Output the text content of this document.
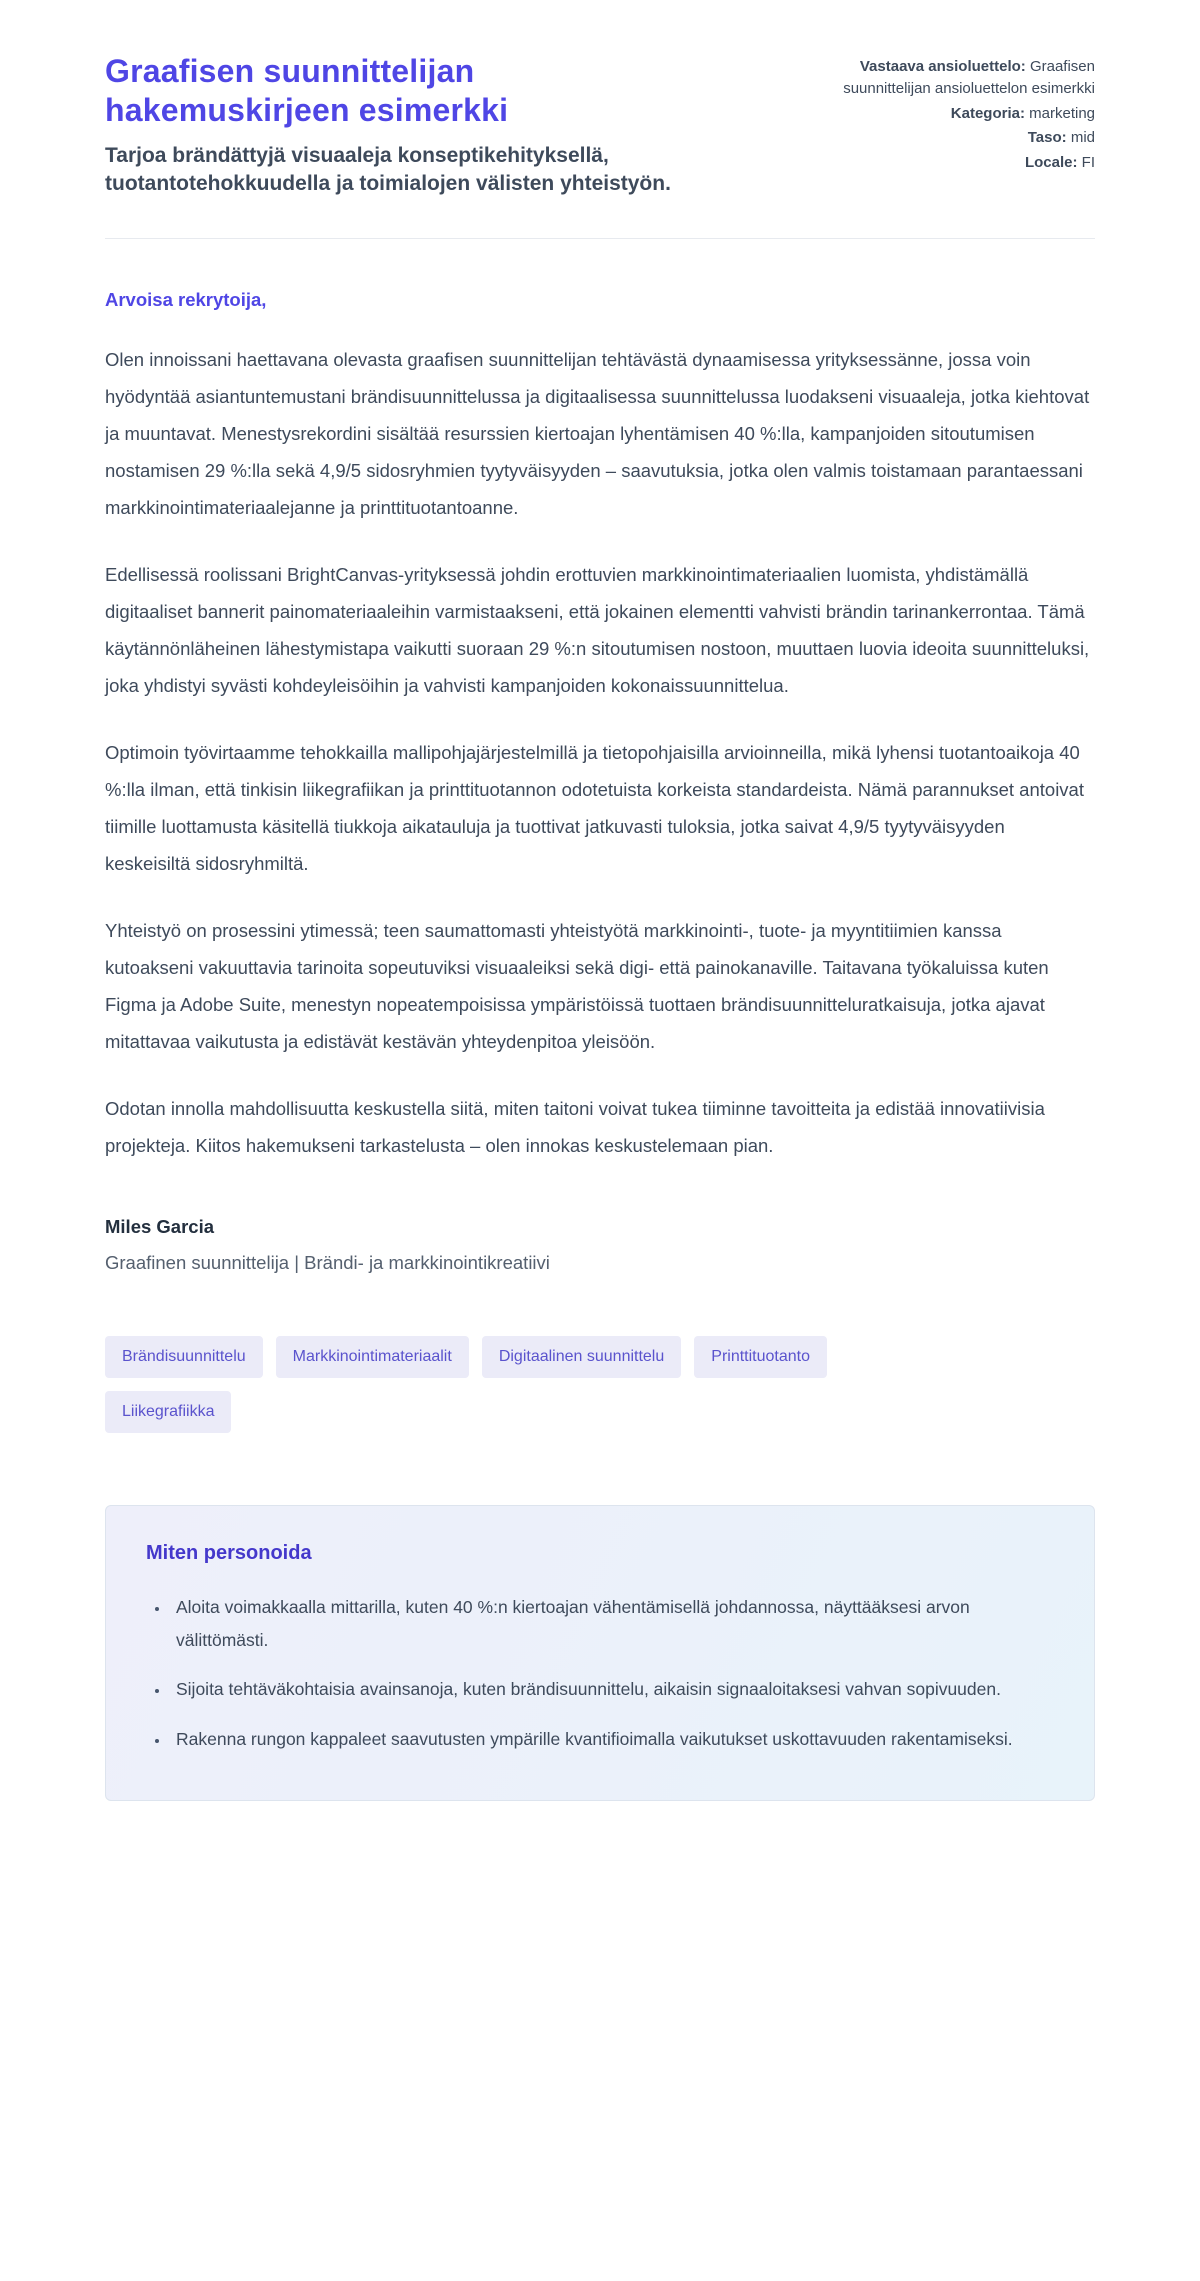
Graafisen suunnittelijan hakemuskirjeen esimerkki

Tarjoa brändättyjä visuaaleja konseptikehityksellä, tuotantotehokkuudella ja toimialojen välisten yhteistyön.

Vastaava ansioluettelo: Graafisen suunnittelijan ansioluettelon esimerkki
Kategoria: marketing
Taso: mid
Locale: FI

Arvoisa rekrytoija,

Olen innoissani haettavana olevasta graafisen suunnittelijan tehtävästä dynaamisessa yrityksessänne, jossa voin hyödyntää asiantuntemustani brändisuunnittelussa ja digitaalisessa suunnittelussa luodakseni visuaaleja, jotka kiehtovat ja muuntavat. Menestysrekordini sisältää resurssien kiertoajan lyhentämisen 40 %:lla, kampanjoiden sitoutumisen nostamisen 29 %:lla sekä 4,9/5 sidosryhmien tyytyväisyyden – saavutuksia, jotka olen valmis toistamaan parantaessani markkinointimateriaalejanne ja printtituotantoanne.

Edellisessä roolissani BrightCanvas-yrityksessä johdin erottuvien markkinointimateriaalien luomista, yhdistämällä digitaaliset bannerit painomateriaaleihin varmistaakseni, että jokainen elementti vahvisti brändin tarinankerrontaa. Tämä käytännönläheinen lähestymistapa vaikutti suoraan 29 %:n sitoutumisen nostoon, muuttaen luovia ideoita suunnitteluksi, joka yhdistyi syvästi kohdeyleisöihin ja vahvisti kampanjoiden kokonaissuunnittelua.

Optimoin työvirtaamme tehokkailla mallipohjajärjestelmillä ja tietopohjaisilla arvioinneilla, mikä lyhensi tuotantoaikoja 40 %:lla ilman, että tinkisin liikegrafiikan ja printtituotannon odotetuista korkeista standardeista. Nämä parannukset antoivat tiimille luottamusta käsitellä tiukkoja aikatauluja ja tuottivat jatkuvasti tuloksia, jotka saivat 4,9/5 tyytyväisyyden keskeisiltä sidosryhmiltä.

Yhteistyö on prosessini ytimessä; teen saumattomasti yhteistyötä markkinointi-, tuote- ja myyntitiimien kanssa kutoakseni vakuuttavia tarinoita sopeutuviksi visuaaleiksi sekä digi- että painokanaville. Taitavana työkaluissa kuten Figma ja Adobe Suite, menestyn nopeatempoisissa ympäristöissä tuottaen brändisuunnitteluratkaisuja, jotka ajavat mitattavaa vaikutusta ja edistävät kestävän yhteydenpitoa yleisöön.

Odotan innolla mahdollisuutta keskustella siitä, miten taitoni voivat tukea tiiminne tavoitteita ja edistää innovatiivisia projekteja. Kiitos hakemukseni tarkastelusta – olen innokas keskustelemaan pian.

Miles Garcia

Graafinen suunnittelija | Brändi- ja markkinointikreatiivi

Brändisuunnittelu	Markkinointimateriaalit	Digitaalinen suunnittelu	Printtituotanto
Liikegrafiikka
Miten personoida
• Aloita voimakkaalla mittarilla, kuten 40 %:n kiertoajan vähentämisellä johdannossa, näyttääksesi arvon välittömästi.
• Sijoita tehtäväkohtaisia avainsanoja, kuten brändisuunnittelu, aikaisin signaaloitaksesi vahvan sopivuuden.
• Rakenna rungon kappaleet saavutusten ympärille kvantifioimalla vaikutukset uskottavuuden rakentamiseksi.
